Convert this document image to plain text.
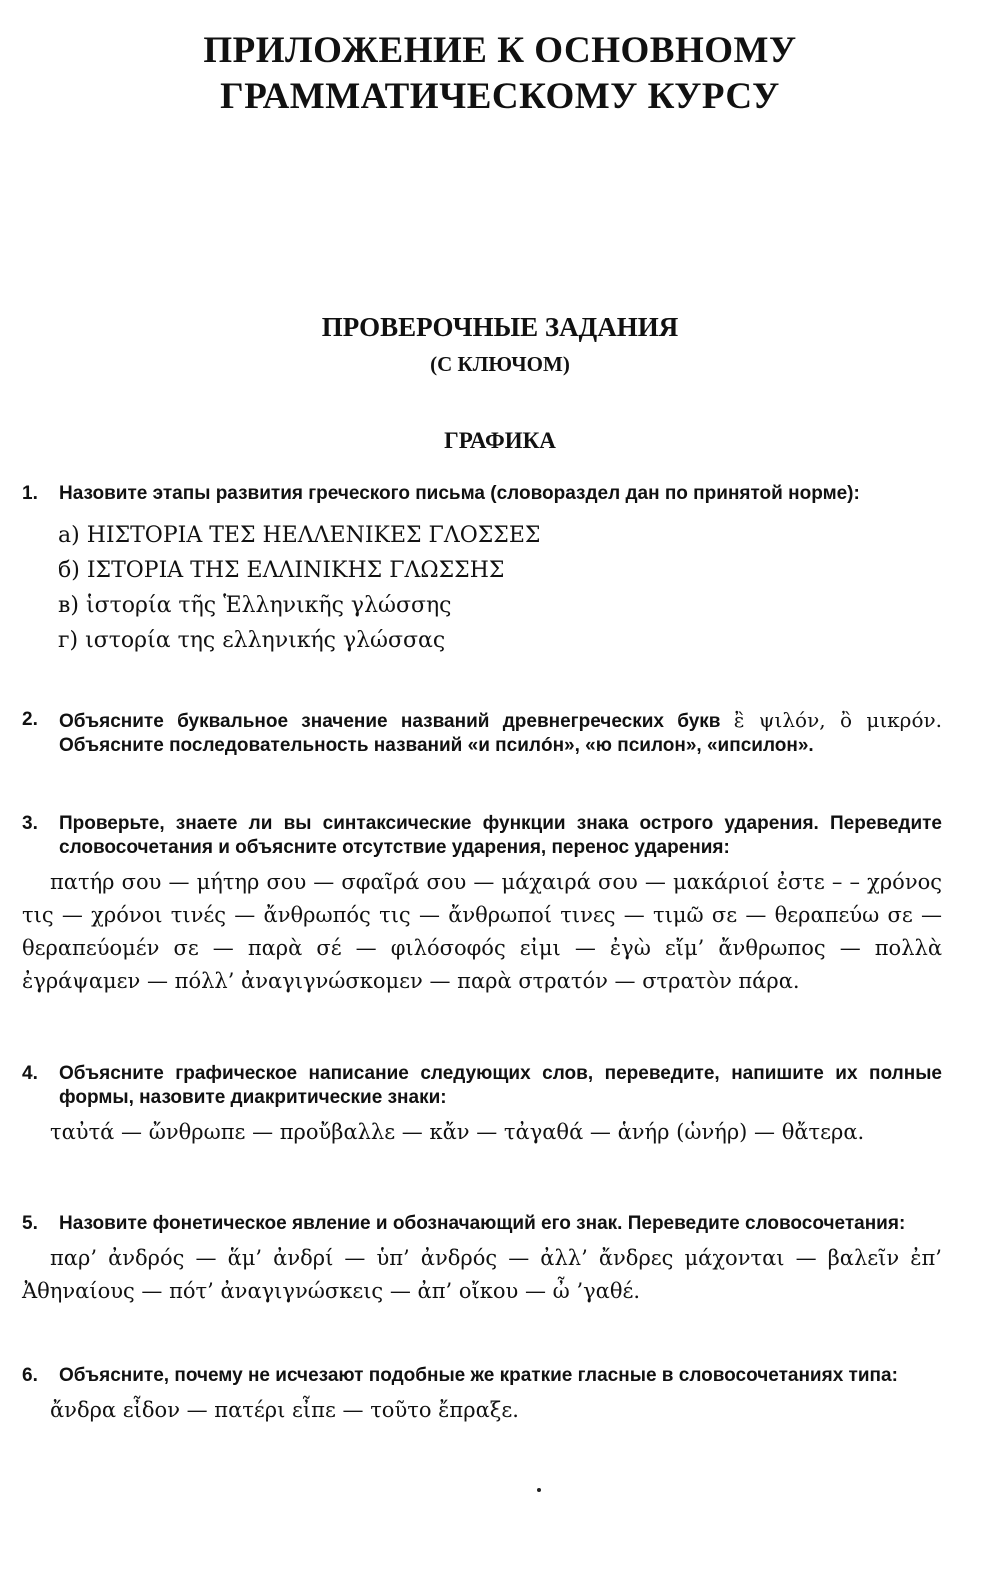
ПРИЛОЖЕНИЕ К ОСНОВНОМУ
ГРАММАТИЧЕСКОМУ КУРСУ
ПРОВЕРОЧНЫЕ ЗАДАНИЯ
(С КЛЮЧОМ)
ГРАФИКА
1. Назовите этапы развития греческого письма (словораздел дан по принятой норме):
а) ΗΙΣΤΟΡΙΑ ΤΕΣ ΗΕΛΛΕΝΙΚΕΣ ΓΛΟΣΣΕΣ
б) ΙΣΤΟΡΙΑ ΤΗΣ ΕΛΛΙΝΙΚΗΣ ΓΛΩΣΣΗΣ
в) ἱστορία τῆς Ἑλληνικῆς γλώσσης
г) ιστορία της ελληνικής γλώσσας
2. Объясните буквальное значение названий древнегреческих букв ἒ ψιλόν, ὂ μικρόν. Объясните последовательность названий «и псилóн», «ю псилон», «ипсилон».
3. Проверьте, знаете ли вы синтаксические функции знака острого ударения. Переведите словосочетания и объясните отсутствие ударения, перенос ударения:
πατήρ σου — μήτηρ σου — σφαῖρά σου — μάχαιρά σου — μακάριοί ἐστε – – χρόνος τις — χρόνοι τινές — ἄνθρωπός τις — ἄνθρωποί τινες — τιμῶ σε — θεραπεύω σε — θεραπεύομέν σε — παρὰ σέ — φιλόσοφός εἰμι — ἐγὼ εἴμ’ ἄνθρωπος — πολλὰ ἐγράψαμεν — πόλλ’ ἀναγιγνώσκομεν — παρὰ στρατόν — στρατὸν πάρα.
4. Объясните графическое написание следующих слов, переведите, напишите их полные формы, назовите диакритические знаки:
ταὐτά — ὤνθρωπε — προὔβαλλε — κἄν — τἀγαθά — ἁνήρ (ὡνήρ) — θἄτερα.
5. Назовите фонетическое явление и обозначающий его знак. Переведите словосочетания:
παρ’ ἀνδρός — ἅμ’ ἀνδρί — ὑπ’ ἀνδρός — ἀλλ’ ἄνδρες μάχονται — βαλεῖν ἐπ’ Ἀθηναίους — πότ’ ἀναγιγνώσκεις — ἀπ’ οἴκου — ὦ ’γαθέ.
6. Объясните, почему не исчезают подобные же краткие гласные в словосочетаниях типа:
ἄνδρα εἶδον — πατέρι εἶπε — τοῦτο ἔπραξε.
